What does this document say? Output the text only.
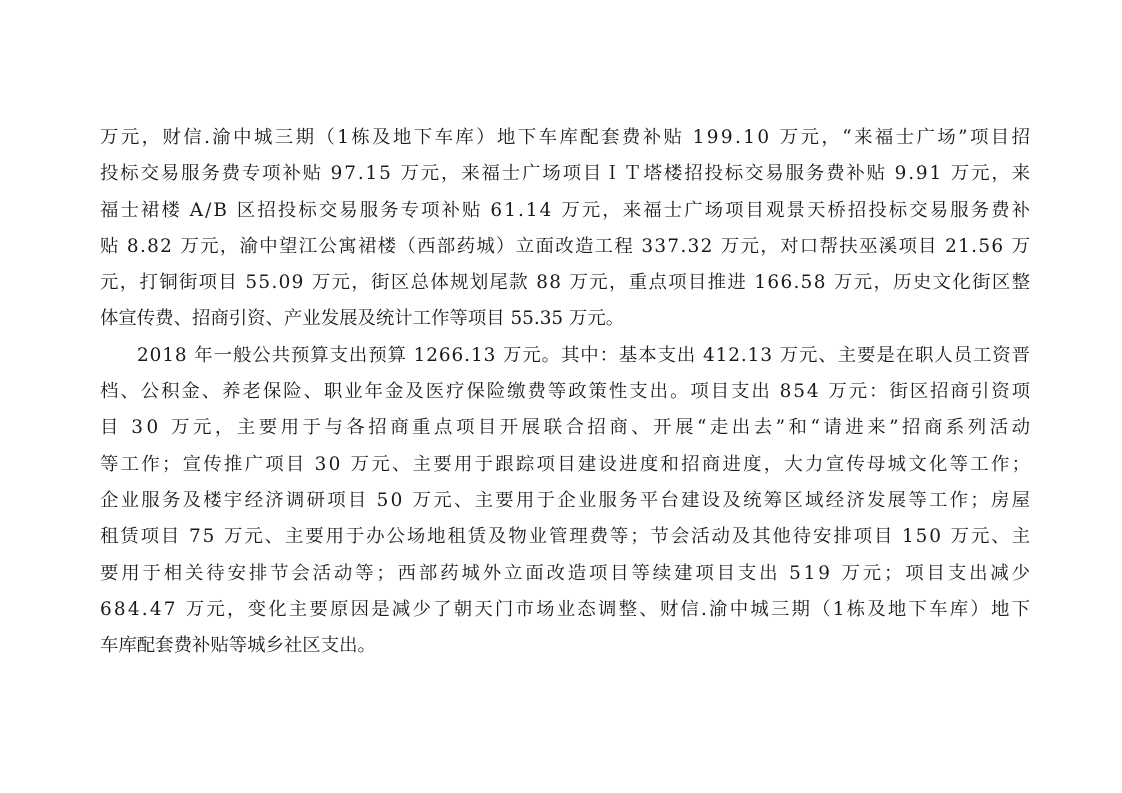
万元，财信.渝中城三期（1栋及地下车库）地下车库配套费补贴 199.10 万元，“来福士广场”项目招
投标交易服务费专项补贴 97.15 万元，来福士广场项目ＩＴ塔楼招投标交易服务费补贴 9.91 万元，来
福士裙楼 A/B 区招投标交易服务专项补贴 61.14 万元，来福士广场项目观景天桥招投标交易服务费补
贴 8.82 万元，渝中望江公寓裙楼（西部药城）立面改造工程 337.32 万元，对口帮扶巫溪项目 21.56 万
元，打铜街项目 55.09 万元，街区总体规划尾款 88 万元，重点项目推进 166.58 万元，历史文化街区整
体宣传费、招商引资、产业发展及统计工作等项目 55.35 万元。
2018 年一般公共预算支出预算 1266.13 万元。其中：基本支出 412.13 万元、主要是在职人员工资晋
档、公积金、养老保险、职业年金及医疗保险缴费等政策性支出。项目支出 854 万元：街区招商引资项
目 30 万元，主要用于与各招商重点项目开展联合招商、开展“走出去”和“请进来”招商系列活动
等工作；宣传推广项目 30 万元、主要用于跟踪项目建设进度和招商进度，大力宣传母城文化等工作；
企业服务及楼宇经济调研项目 50 万元、主要用于企业服务平台建设及统筹区域经济发展等工作；房屋
租赁项目 75 万元、主要用于办公场地租赁及物业管理费等；节会活动及其他待安排项目 150 万元、主
要用于相关待安排节会活动等；西部药城外立面改造项目等续建项目支出 519 万元；项目支出减少
684.47 万元，变化主要原因是减少了朝天门市场业态调整、财信.渝中城三期（1栋及地下车库）地下
车库配套费补贴等城乡社区支出。
